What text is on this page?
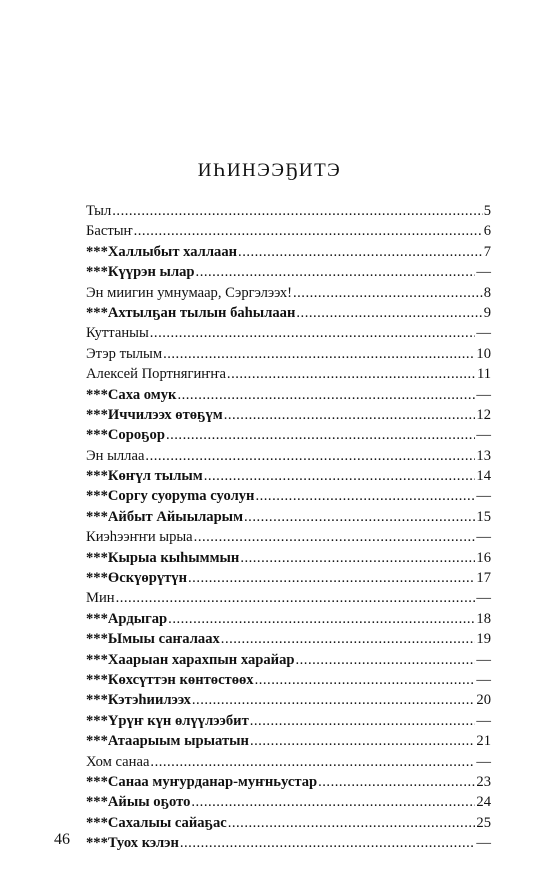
ИҺИНЭЭҔИТЭ
Тыл .....	5
Бастыҥ .....	6
***Халлыбыт халлаан .....	7
***Күүрэн ылар .....	—
Эн миигин умнумаар, Сэргэлээх! .....	8
***Ахтылҕан тылын баһылаан .....	9
Куттаныы .....	—
Этэр тылым .....	10
Алексей Портнягиҥҥа .....	11
***Саха омук .....	—
***Иччилээх өтөҕүм .....	12
***Сороҕор .....	—
Эн ыллаа .....	13
***Көҥүл тылым .....	14
***Соргу суоруma суолун .....	—
***Айбыт Айыыларым .....	15
Киэһээҥҥи ырыа .....	—
***Кырыа кыһыммын .....	16
***Өскүөрүтүн .....	17
Мин .....	—
***Ардыгар .....	18
***Ымыы саҥалаах .....	19
***Хаарыан харахпын харайар .....	—
***Көхсүттэн көнтөстөөх .....	—
***Кэтэһиилээх .....	20
***Үрүҥ күн өлүүлээбит .....	—
***Атаарыым ырыатын .....	21
Хом санаа .....	—
***Санаа муҥурданар-муҥньустар .....	23
***Айыы оҕото .....	24
***Сахалыы сайаҕас .....	25
***Туох кэлэн .....	—
46
